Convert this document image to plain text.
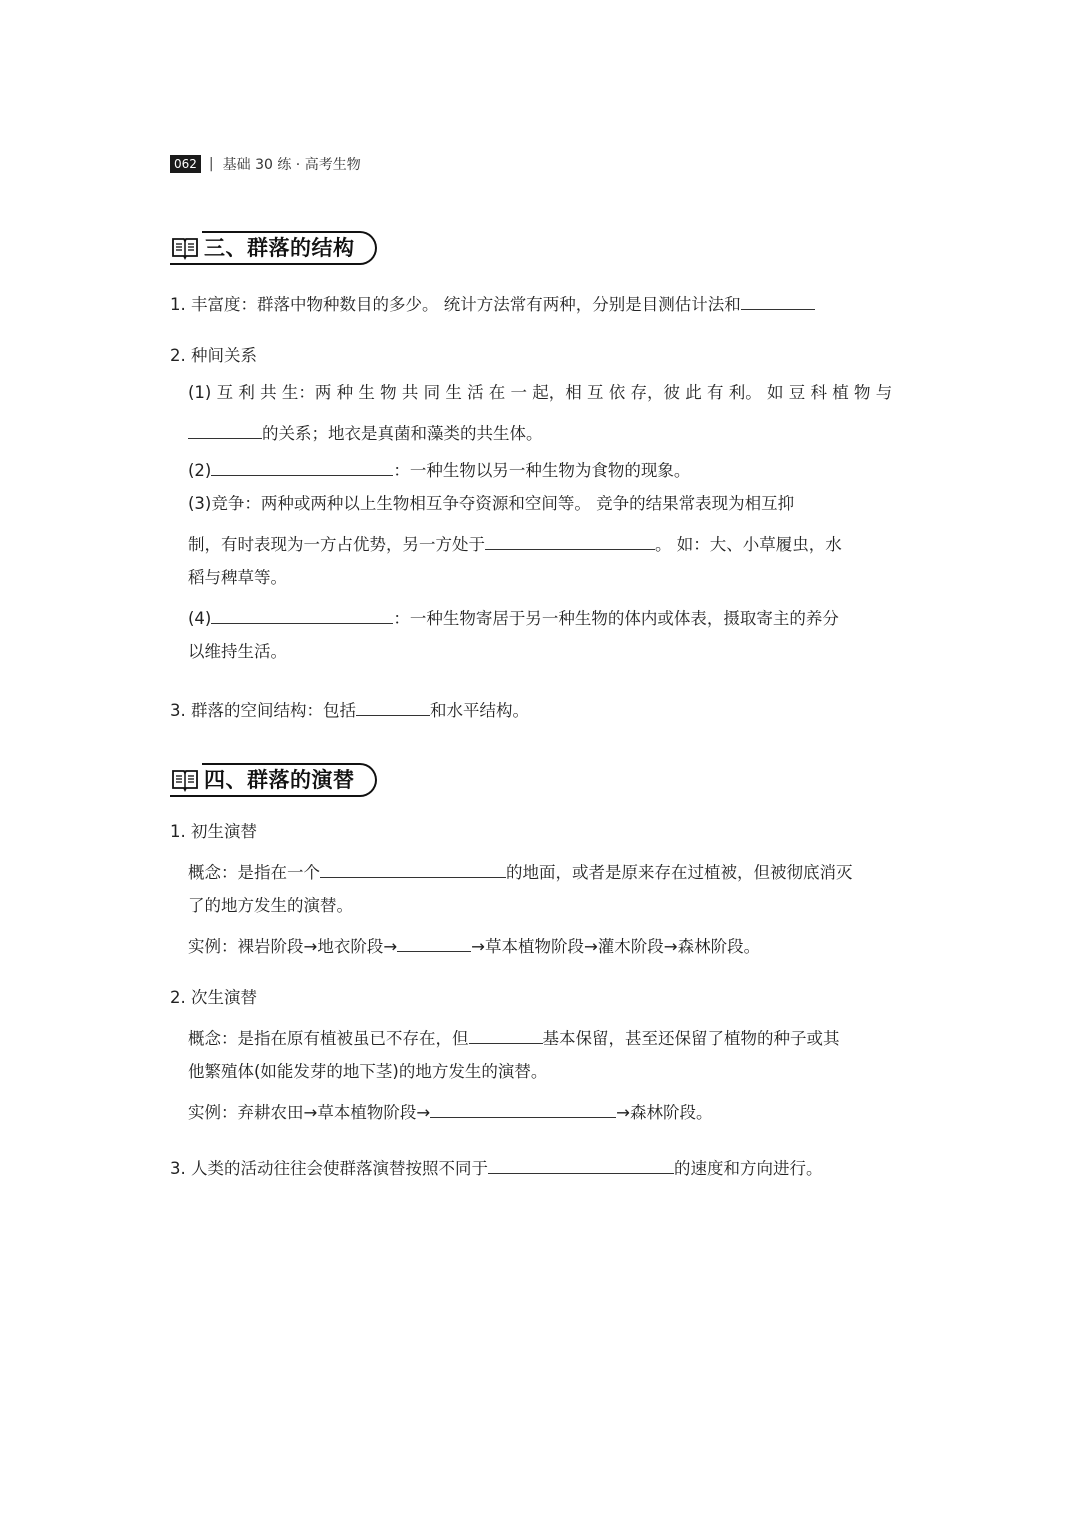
062 | 基础 30 练 · 高考生物
三、群落的结构
1. 丰富度：群落中物种数目的多少。 统计方法常有两种，分别是目测估计法和
2. 种间关系
(1) 互 利 共 生：两 种 生 物 共 同 生 活 在 一 起，相 互 依 存，彼 此 有 利。 如 豆 科 植 物 与
的关系；地衣是真菌和藻类的共生体。
(2)	：一种生物以另一种生物为食物的现象。
(3)竞争：两种或两种以上生物相互争夺资源和空间等。 竞争的结果常表现为相互抑
制，有时表现为一方占优势，另一方处于	。 如：大、小草履虫，水
稻与稗草等。
(4)	：一种生物寄居于另一种生物的体内或体表，摄取寄主的养分
以维持生活。
3. 群落的空间结构：包括	和水平结构。
四、群落的演替
1. 初生演替
概念：是指在一个	的地面，或者是原来存在过植被，但被彻底消灭
了的地方发生的演替。
实例：裸岩阶段→地衣阶段→	→草本植物阶段→灌木阶段→森林阶段。
2. 次生演替
概念：是指在原有植被虽已不存在，但	基本保留，甚至还保留了植物的种子或其
他繁殖体(如能发芽的地下茎)的地方发生的演替。
实例：弃耕农田→草本植物阶段→	→森林阶段。
3. 人类的活动往往会使群落演替按照不同于	的速度和方向进行。
